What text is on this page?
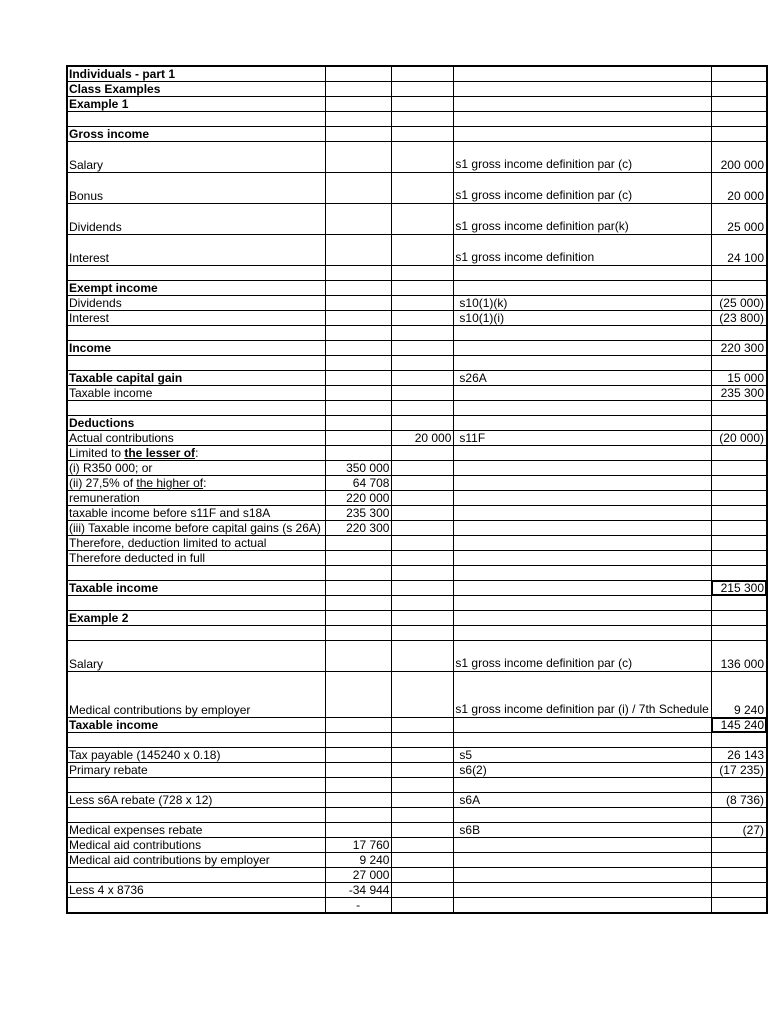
Individuals - part 1				
Class Examples				
Example 1				

Gross income				
Salary			s1 gross income definition par (c)	200 000
Bonus			s1 gross income definition par (c)	20 000
Dividends			s1 gross income definition par(k)	25 000
Interest			s1 gross income definition	24 100

Exempt income				
Dividends			s10(1)(k)	(25 000)
Interest			s10(1)(i)	(23 800)

Income				220 300

Taxable capital gain			s26A	15 000
Taxable income				235 300

Deductions				
Actual contributions		20 000	s11F	(20 000)
Limited to the lesser of:				
(i) R350 000; or	350 000			
(ii) 27,5% of the higher of:	64 708			
remuneration	220 000			
taxable income before s11F and s18A	235 300			
(iii) Taxable income before capital gains (s 26A)	220 300			
Therefore, deduction limited to actual				
Therefore deducted in full				

Taxable income				215 300

Example 2				

Salary			s1 gross income definition par (c)	136 000
Medical contributions by employer			s1 gross income definition par (i) / 7th Schedule	9 240
Taxable income				145 240

Tax payable (145240 x 0.18)			s5	26 143
Primary rebate			s6(2)	(17 235)

Less s6A rebate (728 x 12)			s6A	(8 736)

Medical expenses rebate			s6B	(27)
Medical aid contributions	17 760			
Medical aid contributions by employer	9 240			
	27 000			
Less 4 x 8736	-34 944			
	-			
